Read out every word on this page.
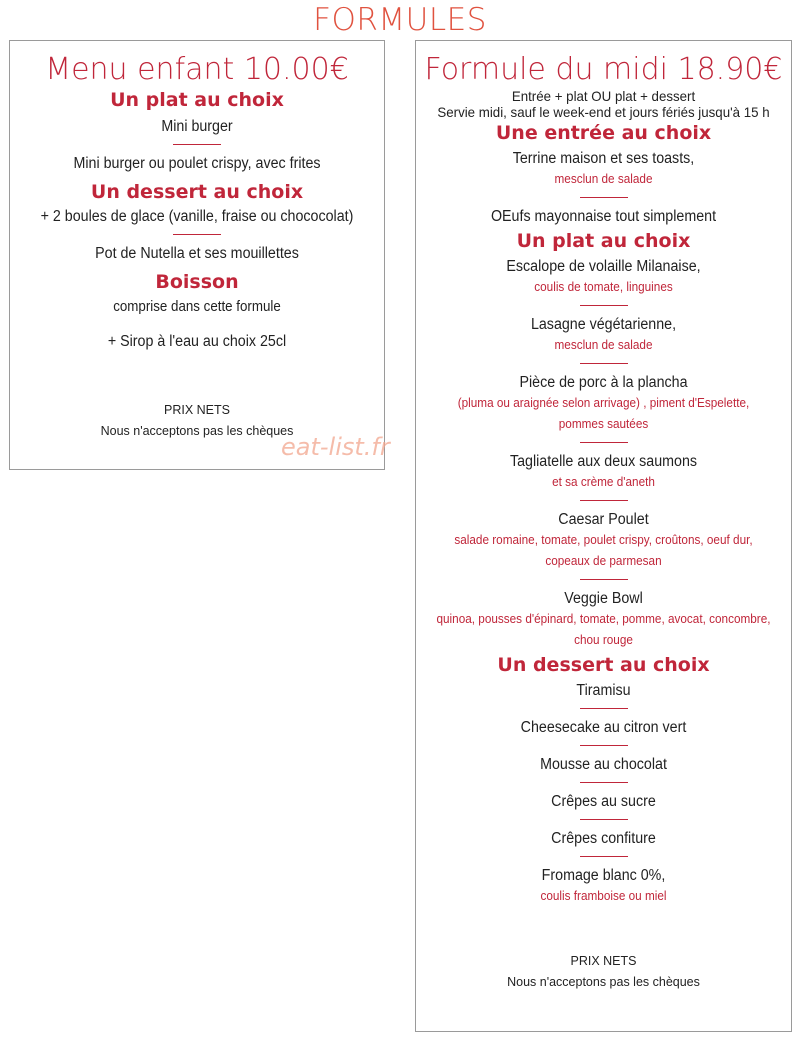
FORMULES
Menu enfant 10.00€
Un plat au choix
Mini burger
Mini burger ou poulet crispy, avec frites
Un dessert au choix
+ 2 boules de glace (vanille, fraise ou chococolat)
Pot de Nutella et ses mouillettes
Boisson
comprise dans cette formule
+ Sirop à l'eau au choix 25cl
PRIX NETS
Nous n'acceptons pas les chèques
Formule du midi 18.90€
Entrée + plat OU plat + dessert
Servie midi, sauf le week-end et jours fériés jusqu'à 15 h
Une entrée au choix
Terrine maison et ses toasts,
mesclun de salade
OEufs mayonnaise tout simplement
Un plat au choix
Escalope de volaille Milanaise,
coulis de tomate, linguines
Lasagne végétarienne,
mesclun de salade
Pièce de porc à la plancha
(pluma ou araignée selon arrivage) , piment d'Espelette, pommes sautées
Tagliatelle aux deux saumons
et sa crème d'aneth
Caesar Poulet
salade romaine, tomate, poulet crispy, croûtons, oeuf dur, copeaux de parmesan
Veggie Bowl
quinoa, pousses d'épinard, tomate, pomme, avocat, concombre, chou rouge
Un dessert au choix
Tiramisu
Cheesecake au citron vert
Mousse au chocolat
Crêpes au sucre
Crêpes confiture
Fromage blanc 0%,
coulis framboise ou miel
PRIX NETS
Nous n'acceptons pas les chèques
eat-list.fr
